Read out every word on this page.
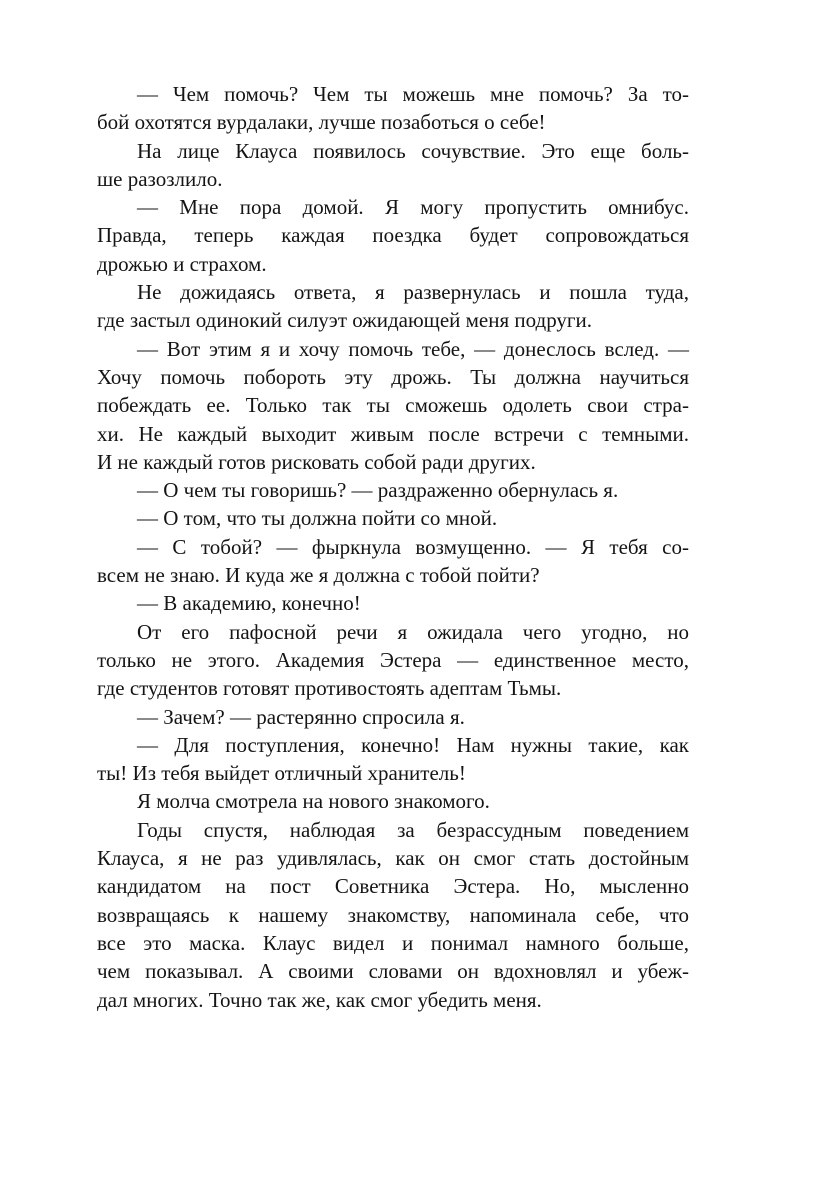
— Чем помочь? Чем ты можешь мне помочь? За то-
бой охотятся вурдалаки, лучше позаботься о себе!
На лице Клауса появилось сочувствие. Это еще боль-
ше разозлило.
— Мне пора домой. Я могу пропустить омнибус.
Правда, теперь каждая поездка будет сопровождаться
дрожью и страхом.
Не дожидаясь ответа, я развернулась и пошла туда,
где застыл одинокий силуэт ожидающей меня подруги.
— Вот этим я и хочу помочь тебе, — донеслось вслед. —
Хочу помочь побороть эту дрожь. Ты должна научиться
побеждать ее. Только так ты сможешь одолеть свои стра-
хи. Не каждый выходит живым после встречи с темными.
И не каждый готов рисковать собой ради других.
— О чем ты говоришь? — раздраженно обернулась я.
— О том, что ты должна пойти со мной.
— С тобой? — фыркнула возмущенно. — Я тебя со-
всем не знаю. И куда же я должна с тобой пойти?
— В академию, конечно!
От его пафосной речи я ожидала чего угодно, но
только не этого. Академия Эстера — единственное место,
где студентов готовят противостоять адептам Тьмы.
— Зачем? — растерянно спросила я.
— Для поступления, конечно! Нам нужны такие, как
ты! Из тебя выйдет отличный хранитель!
Я молча смотрела на нового знакомого.
Годы спустя, наблюдая за безрассудным поведением
Клауса, я не раз удивлялась, как он смог стать достойным
кандидатом на пост Советника Эстера. Но, мысленно
возвращаясь к нашему знакомству, напоминала себе, что
все это маска. Клаус видел и понимал намного больше,
чем показывал. А своими словами он вдохновлял и убеж-
дал многих. Точно так же, как смог убедить меня.
